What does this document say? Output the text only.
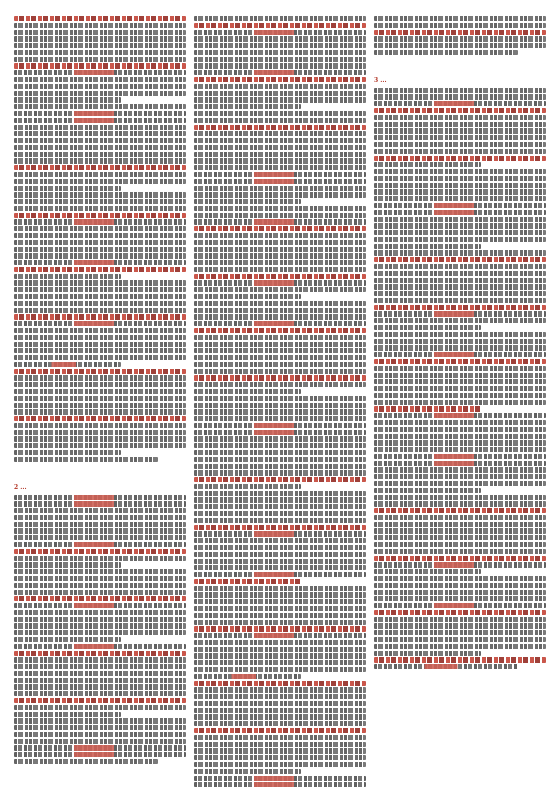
2 ...
3 ...
